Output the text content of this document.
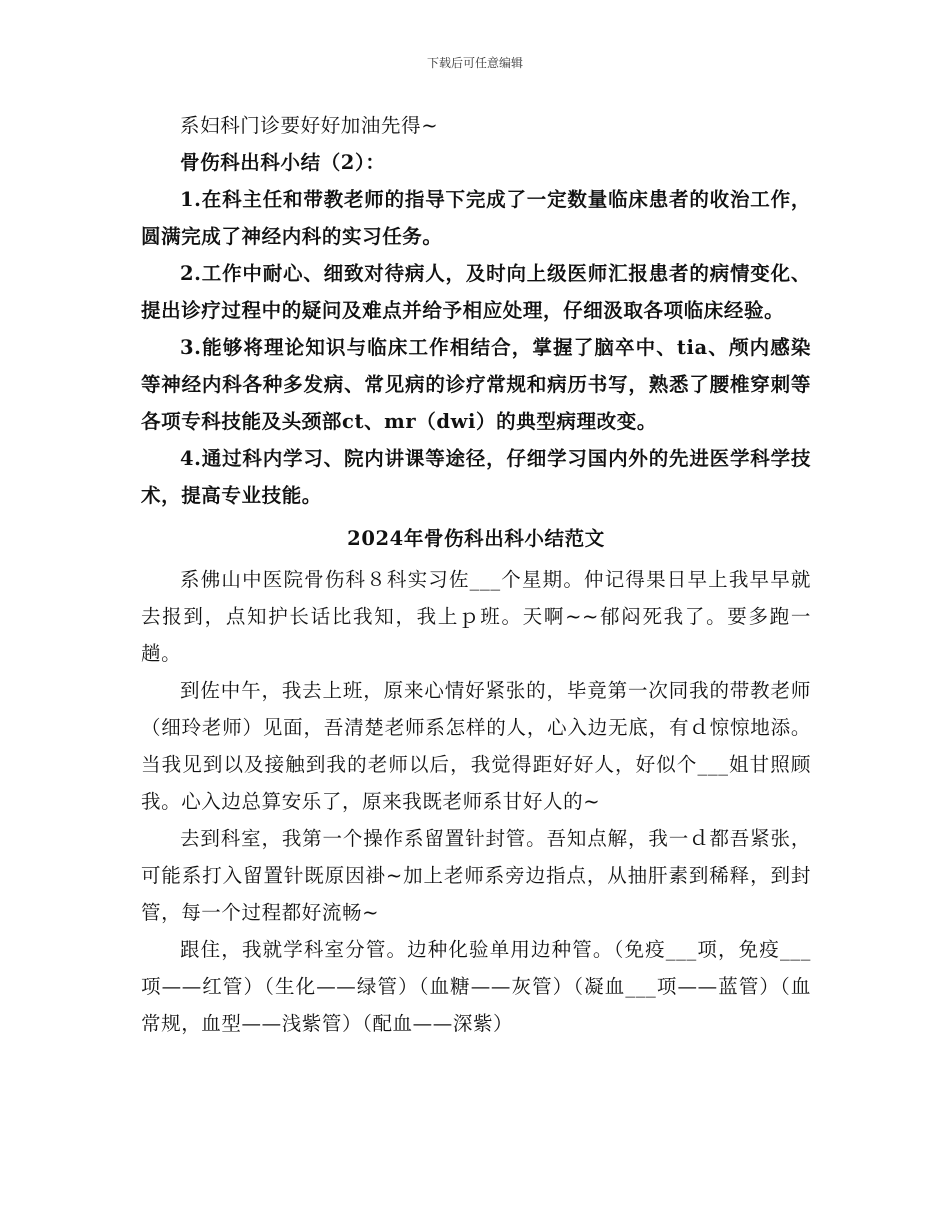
下载后可任意编辑

系妇科门诊要好好加油先得~

骨伤科出科小结（2）：

1.在科主任和带教老师的指导下完成了一定数量临床患者的收治工作，圆满完成了神经内科的实习任务。

2.工作中耐心、细致对待病人，及时向上级医师汇报患者的病情变化、提出诊疗过程中的疑问及难点并给予相应处理，仔细汲取各项临床经验。

3.能够将理论知识与临床工作相结合，掌握了脑卒中、tia、颅内感染等神经内科各种多发病、常见病的诊疗常规和病历书写，熟悉了腰椎穿刺等各项专科技能及头颈部ct、mr（dwi）的典型病理改变。

4.通过科内学习、院内讲课等途径，仔细学习国内外的先进医学科学技术，提高专业技能。

2024年骨伤科出科小结范文

系佛山中医院骨伤科８科实习佐___个星期。仲记得果日早上我早早就去报到，点知护长话比我知，我上ｐ班。天啊~~郁闷死我了。要多跑一趟。

到佐中午，我去上班，原来心情好紧张的，毕竟第一次同我的带教老师（细玲老师）见面，吾清楚老师系怎样的人，心入边无底，有ｄ惊惊地添。当我见到以及接触到我的老师以后，我觉得距好好人，好似个___姐甘照顾我。心入边总算安乐了，原来我既老师系甘好人的~

去到科室，我第一个操作系留置针封管。吾知点解，我一ｄ都吾紧张，可能系打入留置针既原因褂~加上老师系旁边指点，从抽肝素到稀释，到封管，每一个过程都好流畅~

跟住，我就学科室分管。边种化验单用边种管。（免疫___项，免疫___项——红管）（生化——绿管）（血糖——灰管）（凝血___项——蓝管）（血常规，血型——浅紫管）（配血——深紫）
